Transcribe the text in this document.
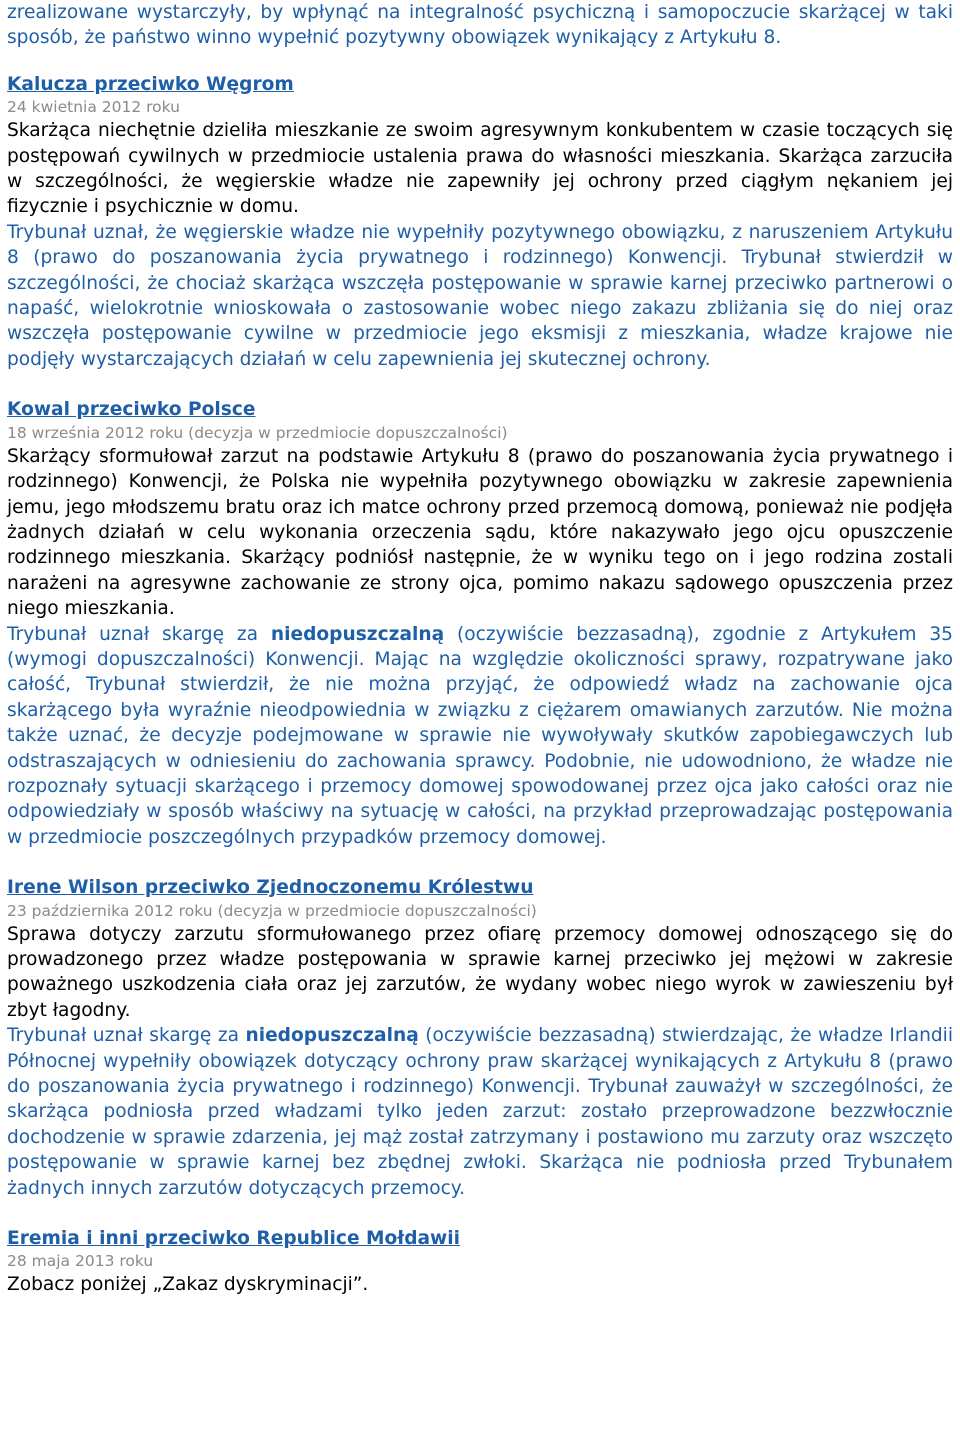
zrealizowane wystarczyły, by wpłynąć na integralność psychiczną i samopoczucie skarżącej w taki sposób, że państwo winno wypełnić pozytywny obowiązek wynikający z Artykułu 8.

Kalucza przeciwko Węgrom
24 kwietnia 2012 roku

Skarżąca niechętnie dzieliła mieszkanie ze swoim agresywnym konkubentem w czasie toczących się postępowań cywilnych w przedmiocie ustalenia prawa do własności mieszkania. Skarżąca zarzuciła w szczególności, że węgierskie władze nie zapewniły jej ochrony przed ciągłym nękaniem jej fizycznie i psychicznie w domu.

Trybunał uznał, że węgierskie władze nie wypełniły pozytywnego obowiązku, z naruszeniem Artykułu 8 (prawo do poszanowania życia prywatnego i rodzinnego) Konwencji. Trybunał stwierdził w szczególności, że chociaż skarżąca wszczęła postępowanie w sprawie karnej przeciwko partnerowi o napaść, wielokrotnie wnioskowała o zastosowanie wobec niego zakazu zbliżania się do niej oraz wszczęła postępowanie cywilne w przedmiocie jego eksmisji z mieszkania, władze krajowe nie podjęły wystarczających działań w celu zapewnienia jej skutecznej ochrony.

Kowal przeciwko Polsce
18 września 2012 roku (decyzja w przedmiocie dopuszczalności)

Skarżący sformułował zarzut na podstawie Artykułu 8 (prawo do poszanowania życia prywatnego i rodzinnego) Konwencji, że Polska nie wypełniła pozytywnego obowiązku w zakresie zapewnienia jemu, jego młodszemu bratu oraz ich matce ochrony przed przemocą domową, ponieważ nie podjęła żadnych działań w celu wykonania orzeczenia sądu, które nakazywało jego ojcu opuszczenie rodzinnego mieszkania. Skarżący podniósł następnie, że w wyniku tego on i jego rodzina zostali narażeni na agresywne zachowanie ze strony ojca, pomimo nakazu sądowego opuszczenia przez niego mieszkania.

Trybunał uznał skargę za niedopuszczalną (oczywiście bezzasadną), zgodnie z Artykułem 35 (wymogi dopuszczalności) Konwencji. Mając na względzie okoliczności sprawy, rozpatrywane jako całość, Trybunał stwierdził, że nie można przyjąć, że odpowiedź władz na zachowanie ojca skarżącego była wyraźnie nieodpowiednia w związku z ciężarem omawianych zarzutów. Nie można także uznać, że decyzje podejmowane w sprawie nie wywoływały skutków zapobiegawczych lub odstraszających w odniesieniu do zachowania sprawcy. Podobnie, nie udowodniono, że władze nie rozpoznały sytuacji skarżącego i przemocy domowej spowodowanej przez ojca jako całości oraz nie odpowiedziały w sposób właściwy na sytuację w całości, na przykład przeprowadzając postępowania w przedmiocie poszczególnych przypadków przemocy domowej.

Irene Wilson przeciwko Zjednoczonemu Królestwu
23 października 2012 roku (decyzja w przedmiocie dopuszczalności)

Sprawa dotyczy zarzutu sformułowanego przez ofiarę przemocy domowej odnoszącego się do prowadzonego przez władze postępowania w sprawie karnej przeciwko jej mężowi w zakresie poważnego uszkodzenia ciała oraz jej zarzutów, że wydany wobec niego wyrok w zawieszeniu był zbyt łagodny.

Trybunał uznał skargę za niedopuszczalną (oczywiście bezzasadną) stwierdzając, że władze Irlandii Północnej wypełniły obowiązek dotyczący ochrony praw skarżącej wynikających z Artykułu 8 (prawo do poszanowania życia prywatnego i rodzinnego) Konwencji. Trybunał zauważył w szczególności, że skarżąca podniosła przed władzami tylko jeden zarzut: zostało przeprowadzone bezzwłocznie dochodzenie w sprawie zdarzenia, jej mąż został zatrzymany i postawiono mu zarzuty oraz wszczęto postępowanie w sprawie karnej bez zbędnej zwłoki. Skarżąca nie podniosła przed Trybunałem żadnych innych zarzutów dotyczących przemocy.

Eremia i inni przeciwko Republice Mołdawii
28 maja 2013 roku

Zobacz poniżej „Zakaz dyskryminacji”.
